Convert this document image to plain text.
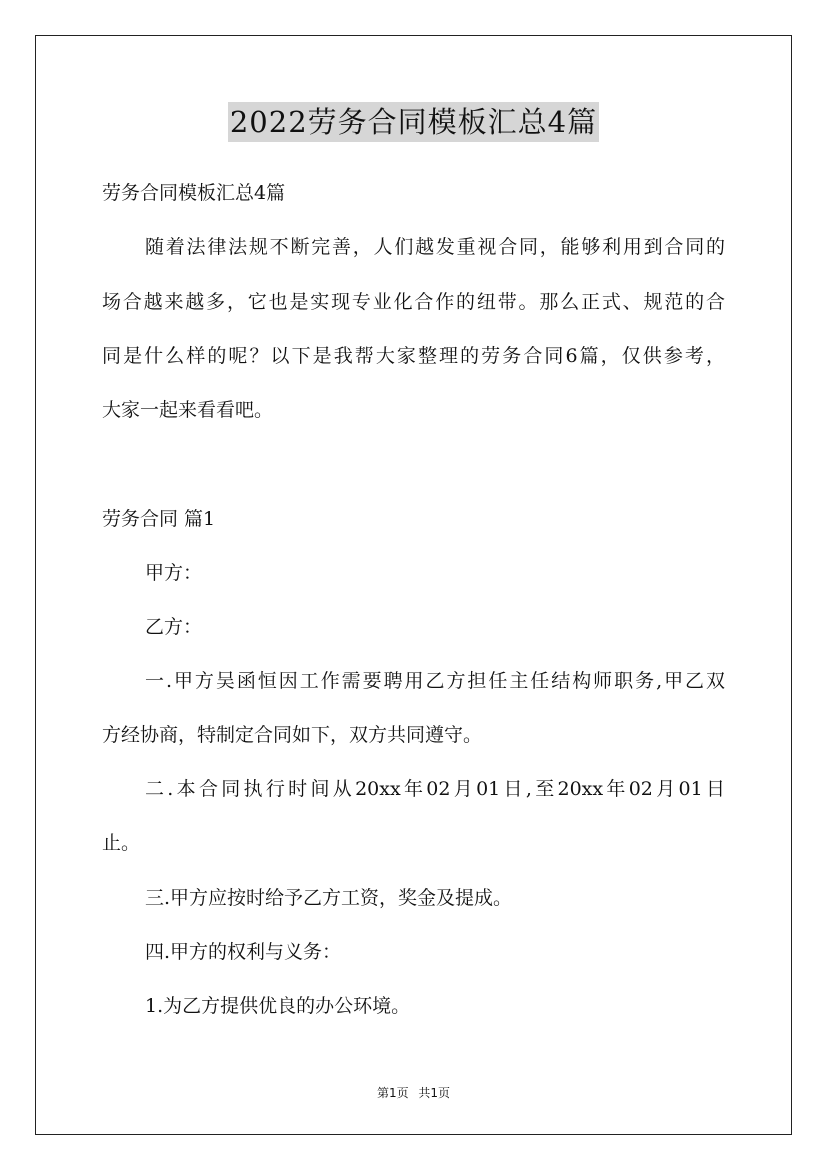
2022劳务合同模板汇总4篇
劳务合同模板汇总4篇
随着法律法规不断完善，人们越发重视合同，能够利用到合同的
场合越来越多，它也是实现专业化合作的纽带。那么正式、规范的合
同是什么样的呢？以下是我帮大家整理的劳务合同6篇，仅供参考，
大家一起来看看吧。
劳务合同 篇1
甲方：
乙方：
一.甲方吴函恒因工作需要聘用乙方担任主任结构师职务,甲乙双
方经协商，特制定合同如下，双方共同遵守。
二.本合同执行时间从20xx年02月01日,至20xx年02月01日
止。
三.甲方应按时给予乙方工资，奖金及提成。
四.甲方的权利与义务：
1.为乙方提供优良的办公环境。
第1页 共1页
